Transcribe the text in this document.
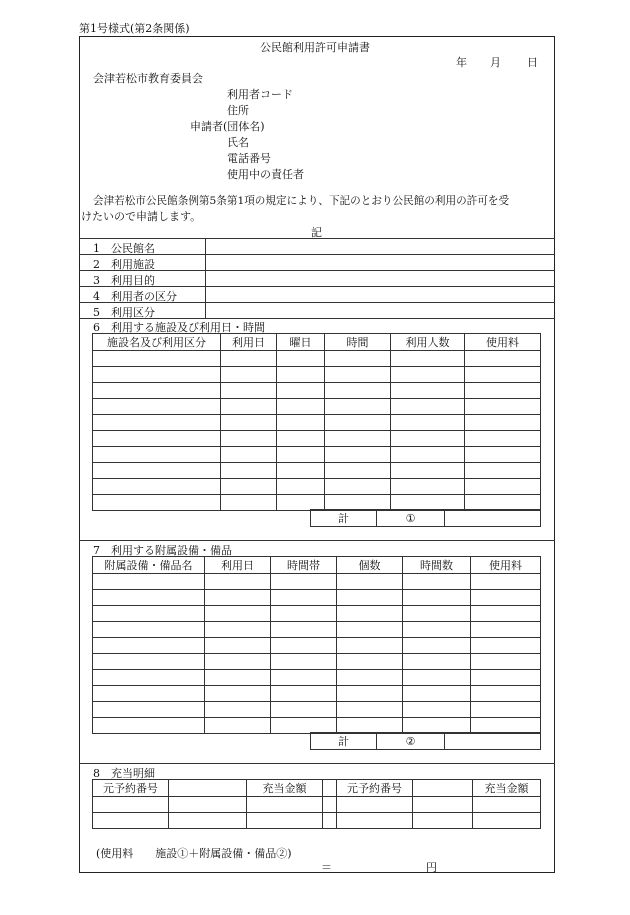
第1号様式(第2条関係)
公民館利用許可申請書
年 月 日
会津若松市教育委員会
利用者コード
住所
申請者(団体名)
氏名
電話番号
使用中の責任者
会津若松市公民館条例第5条第1項の規定により、下記のとおり公民館の利用の許可を受
けたいので申請します。
記
1　公民館名
2　利用施設
3　利用目的
4　利用者の区分
5　利用区分
6　利用する施設及び利用日・時間
施設名及び利用区分	利用日	曜日	時間	利用人数	使用料

計	①	
7　利用する附属設備・備品
附属設備・備品名	利用日	時間帯	個数	時間数	使用料

計	②	
8　充当明細
元予約番号		充当金額		元予約番号		充当金額

(使用料　　施設①＋附属設備・備品②)
＝	円
